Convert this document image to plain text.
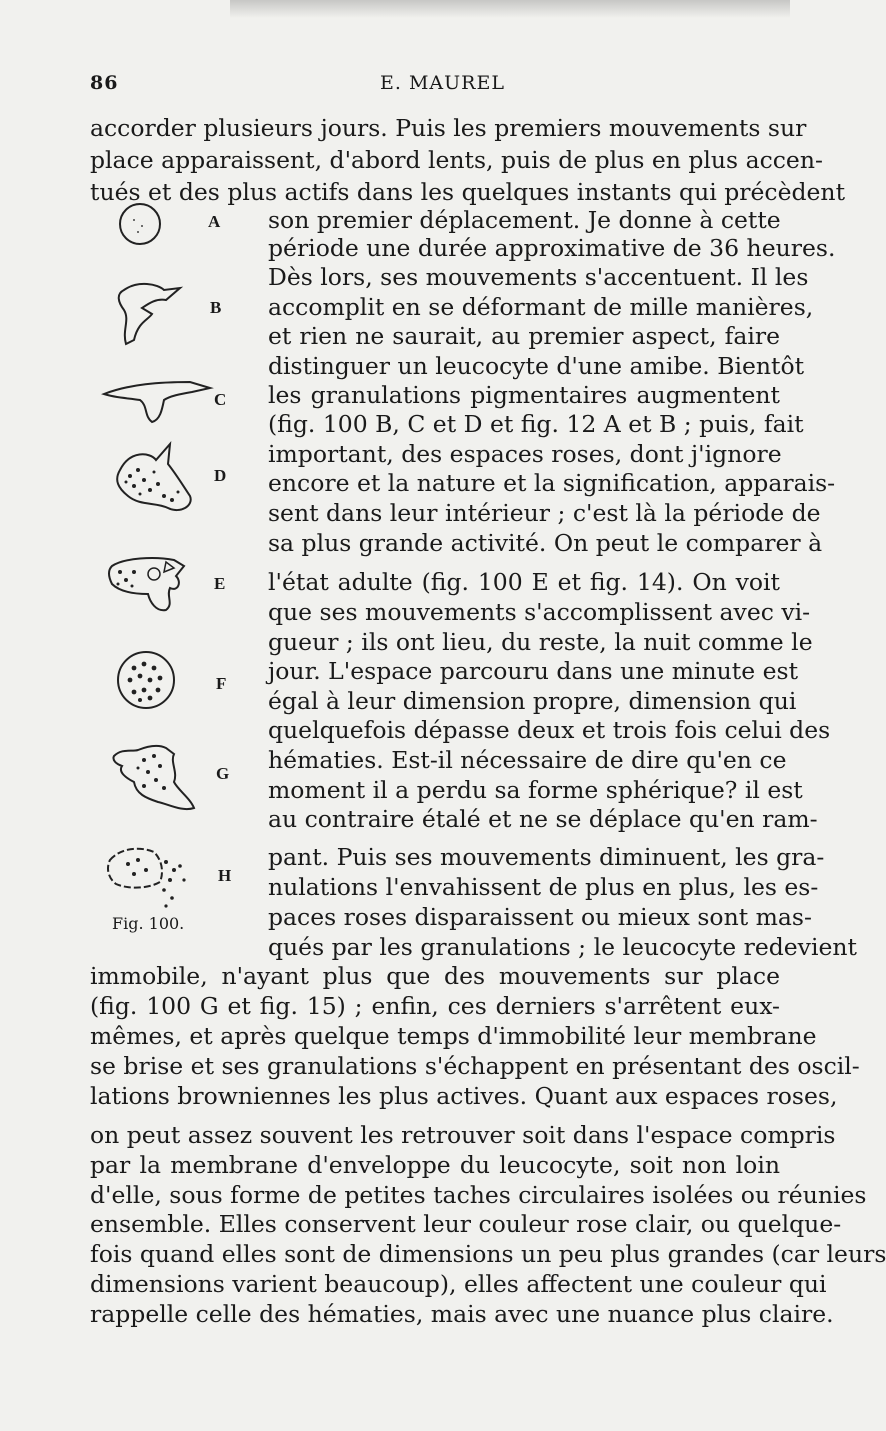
86	E. MAUREL
A
B
C
D
E
F
G
H
Fig. 100.
accorder plusieurs jours. Puis les premiers mouvements sur
place apparaissent, d'abord lents, puis de plus en plus accen-
tués et des plus actifs dans les quelques instants qui précèdent
son premier déplacement. Je donne à cette
période une durée approximative de 36 heures.
Dès lors, ses mouvements s'accentuent. Il les
accomplit en se déformant de mille manières,
et rien ne saurait, au premier aspect, faire
distinguer un leucocyte d'une amibe. Bientôt
les granulations pigmentaires augmentent
(fig. 100 B, C et D et fig. 12 A et B ; puis, fait
important, des espaces roses, dont j'ignore
encore et la nature et la signification, apparais-
sent dans leur intérieur ; c'est là la période de
sa plus grande activité. On peut le comparer à
l'état adulte (fig. 100 E et fig. 14). On voit
que ses mouvements s'accomplissent avec vi-
gueur ; ils ont lieu, du reste, la nuit comme le
jour. L'espace parcouru dans une minute est
égal à leur dimension propre, dimension qui
quelquefois dépasse deux et trois fois celui des
hématies. Est-il nécessaire de dire qu'en ce
moment il a perdu sa forme sphérique? il est
au contraire étalé et ne se déplace qu'en ram-
pant. Puis ses mouvements diminuent, les gra-
nulations l'envahissent de plus en plus, les es-
paces roses disparaissent ou mieux sont mas-
qués par les granulations ; le leucocyte redevient
immobile, n'ayant plus que des mouvements sur place
(fig. 100 G et fig. 15) ; enfin, ces derniers s'arrêtent eux-
mêmes, et après quelque temps d'immobilité leur membrane
se brise et ses granulations s'échappent en présentant des oscil-
lations browniennes les plus actives. Quant aux espaces roses,
on peut assez souvent les retrouver soit dans l'espace compris
par la membrane d'enveloppe du leucocyte, soit non loin
d'elle, sous forme de petites taches circulaires isolées ou réunies
ensemble. Elles conservent leur couleur rose clair, ou quelque-
fois quand elles sont de dimensions un peu plus grandes (car leurs
dimensions varient beaucoup), elles affectent une couleur qui
rappelle celle des hématies, mais avec une nuance plus claire.
